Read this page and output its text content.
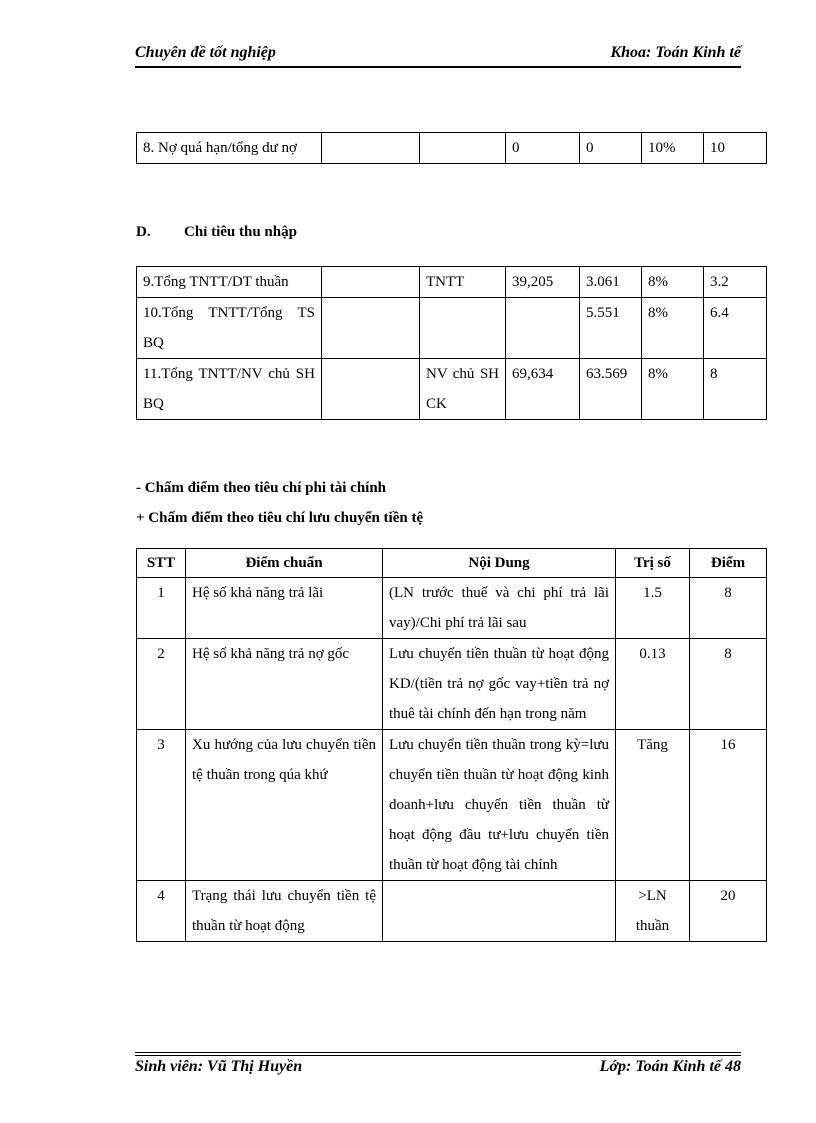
Chuyên đề tốt nghiệp	Khoa: Toán Kinh tế
8. Nợ quá hạn/tổng dư nợ			0	0	10%	10
D. Chỉ tiêu thu nhập
9.Tổng TNTT/DT thuần		TNTT	39,205	3.061	8%	3.2
10.Tổng TNTT/Tổng TS BQ				5.551	8%	6.4
11.Tổng TNTT/NV chủ SH BQ		NV chủ SH CK	69,634	63.569	8%	8
- Chấm điểm theo tiêu chí phi tài chính
+ Chấm điểm theo tiêu chí lưu chuyển tiền tệ
STT	Điểm chuẩn	Nội Dung	Trị số	Điểm
1	Hệ số khả năng trả lãi	(LN trước thuế và chi phí trả lãi vay)/Chi phí trả lãi sau	1.5	8
2	Hệ số khả năng trả nợ gốc	Lưu chuyển tiền thuần từ hoạt động KD/(tiền trả nợ gốc vay+tiền trả nợ thuê tài chính đến hạn trong năm	0.13	8
3	Xu hướng của lưu chuyển tiền tệ thuần trong qúa khứ	Lưu chuyển tiền thuần trong kỳ=lưu chuyển tiền thuần từ hoạt động kinh doanh+lưu chuyển tiền thuần từ hoạt động đầu tư+lưu chuyển tiền thuần từ hoạt động tài chính	Tăng	16
4	Trạng thái lưu chuyển tiền tệ thuần từ hoạt động		>LN thuần	20
Sinh viên: Vũ Thị Huyền	Lớp: Toán Kinh tế 48
